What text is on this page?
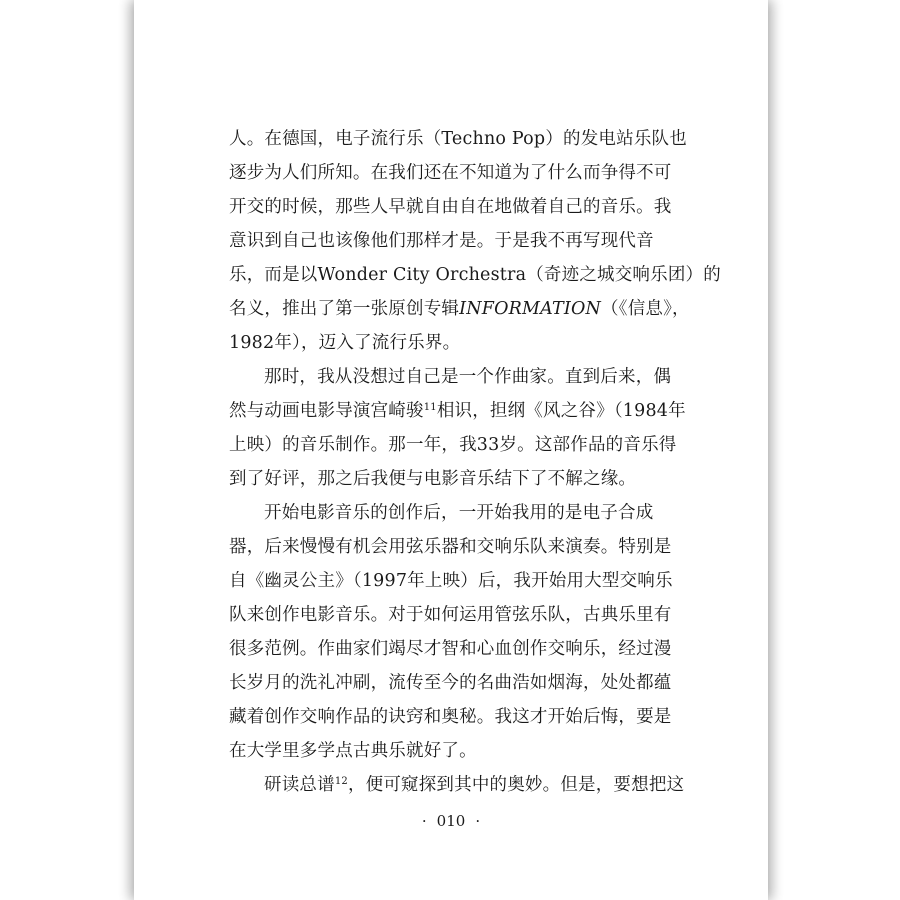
人。在德国，电子流行乐（Techno Pop）的发电站乐队也
逐步为人们所知。在我们还在不知道为了什么而争得不可
开交的时候，那些人早就自由自在地做着自己的音乐。我
意识到自己也该像他们那样才是。于是我不再写现代音
乐，而是以Wonder City Orchestra（奇迹之城交响乐团）的
名义，推出了第一张原创专辑INFORMATION（《信息》，
1982年），迈入了流行乐界。
那时，我从没想过自己是一个作曲家。直到后来，偶
然与动画电影导演宫崎骏$^{11}$相识，担纲《风之谷》（1984年
上映）的音乐制作。那一年，我33岁。这部作品的音乐得
到了好评，那之后我便与电影音乐结下了不解之缘。
开始电影音乐的创作后，一开始我用的是电子合成
器，后来慢慢有机会用弦乐器和交响乐队来演奏。特别是
自《幽灵公主》（1997年上映）后，我开始用大型交响乐
队来创作电影音乐。对于如何运用管弦乐队，古典乐里有
很多范例。作曲家们竭尽才智和心血创作交响乐，经过漫
长岁月的洗礼冲刷，流传至今的名曲浩如烟海，处处都蕴
藏着创作交响作品的诀窍和奥秘。我这才开始后悔，要是
在大学里多学点古典乐就好了。
研读总谱$^{12}$，便可窥探到其中的奥妙。但是，要想把这
· 010 ·
